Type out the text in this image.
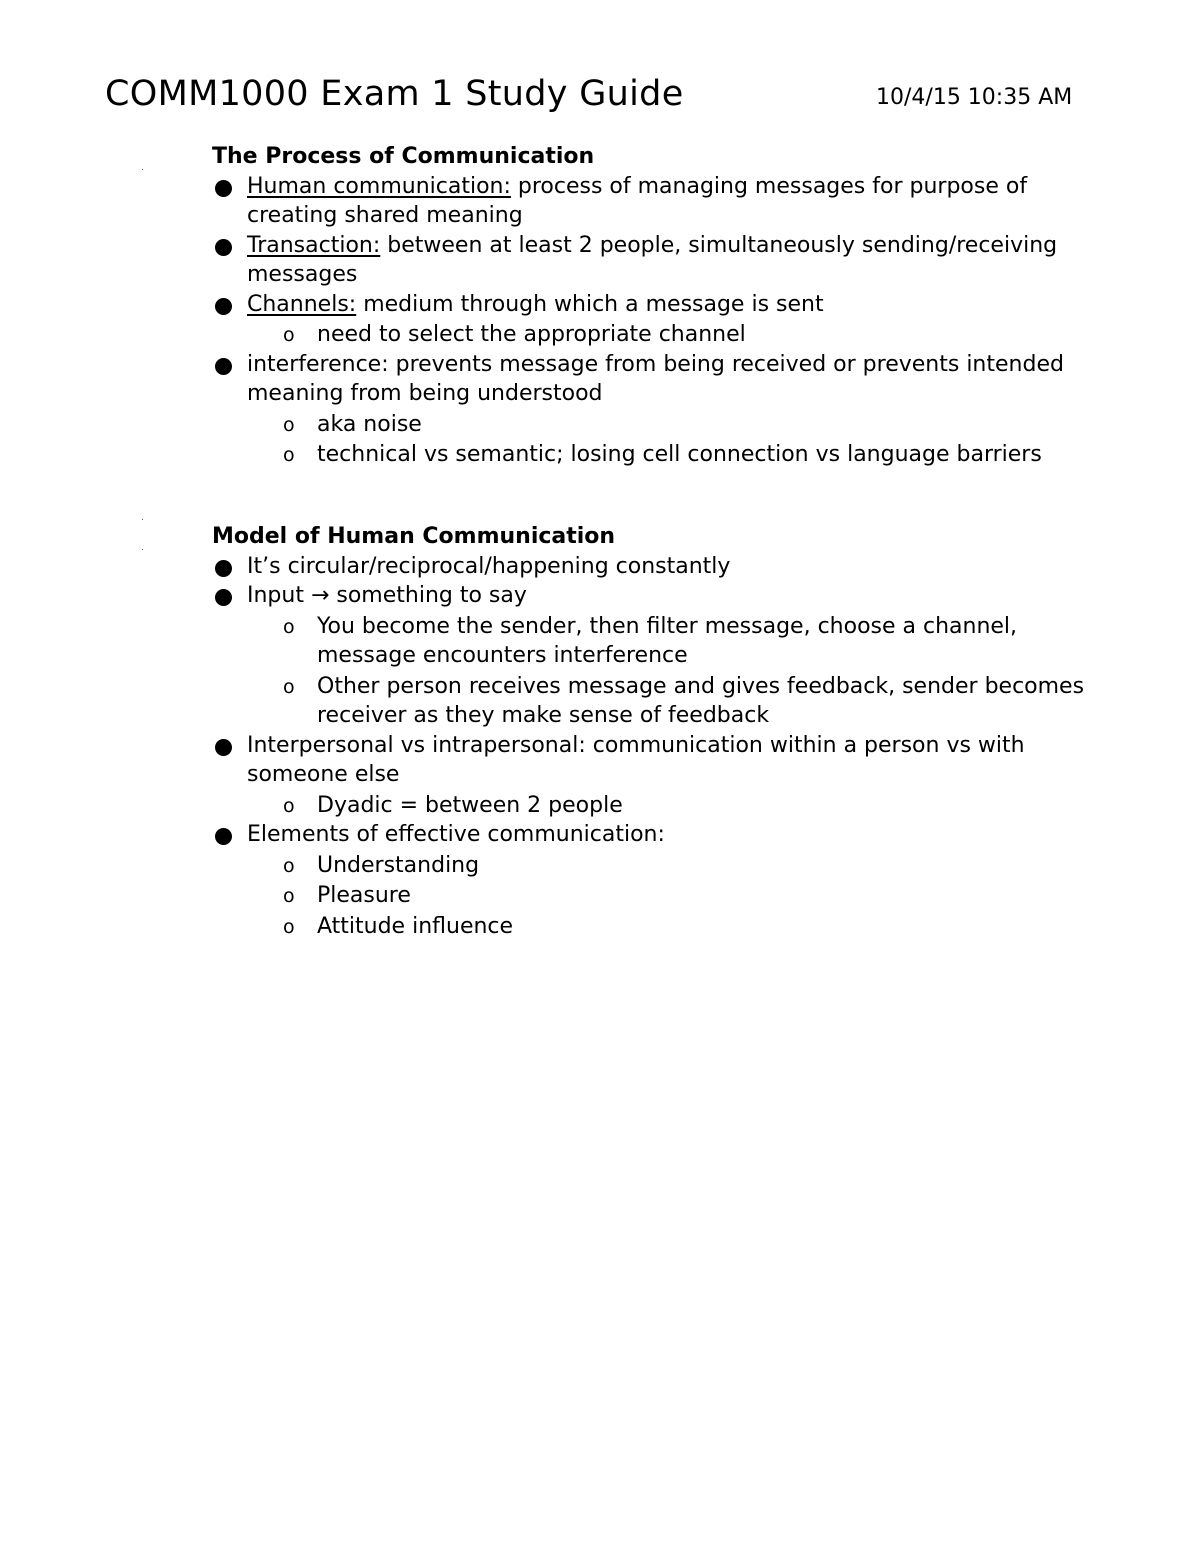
COMM1000 Exam 1 Study Guide	10/4/15 10:35 AM
.
.
.
The Process of Communication
Human communication: process of managing messages for purpose of creating shared meaning
Transaction: between at least 2 people, simultaneously sending/receiving messages
Channels: medium through which a message is sent
o need to select the appropriate channel
interference: prevents message from being received or prevents intended meaning from being understood
o aka noise
o technical vs semantic; losing cell connection vs language barriers
Model of Human Communication
It’s circular/reciprocal/happening constantly
Input → something to say
o You become the sender, then filter message, choose a channel, message encounters interference
o Other person receives message and gives feedback, sender becomes receiver as they make sense of feedback
Interpersonal vs intrapersonal: communication within a person vs with someone else
o Dyadic = between 2 people
Elements of effective communication:
o Understanding
o Pleasure
o Attitude influence
